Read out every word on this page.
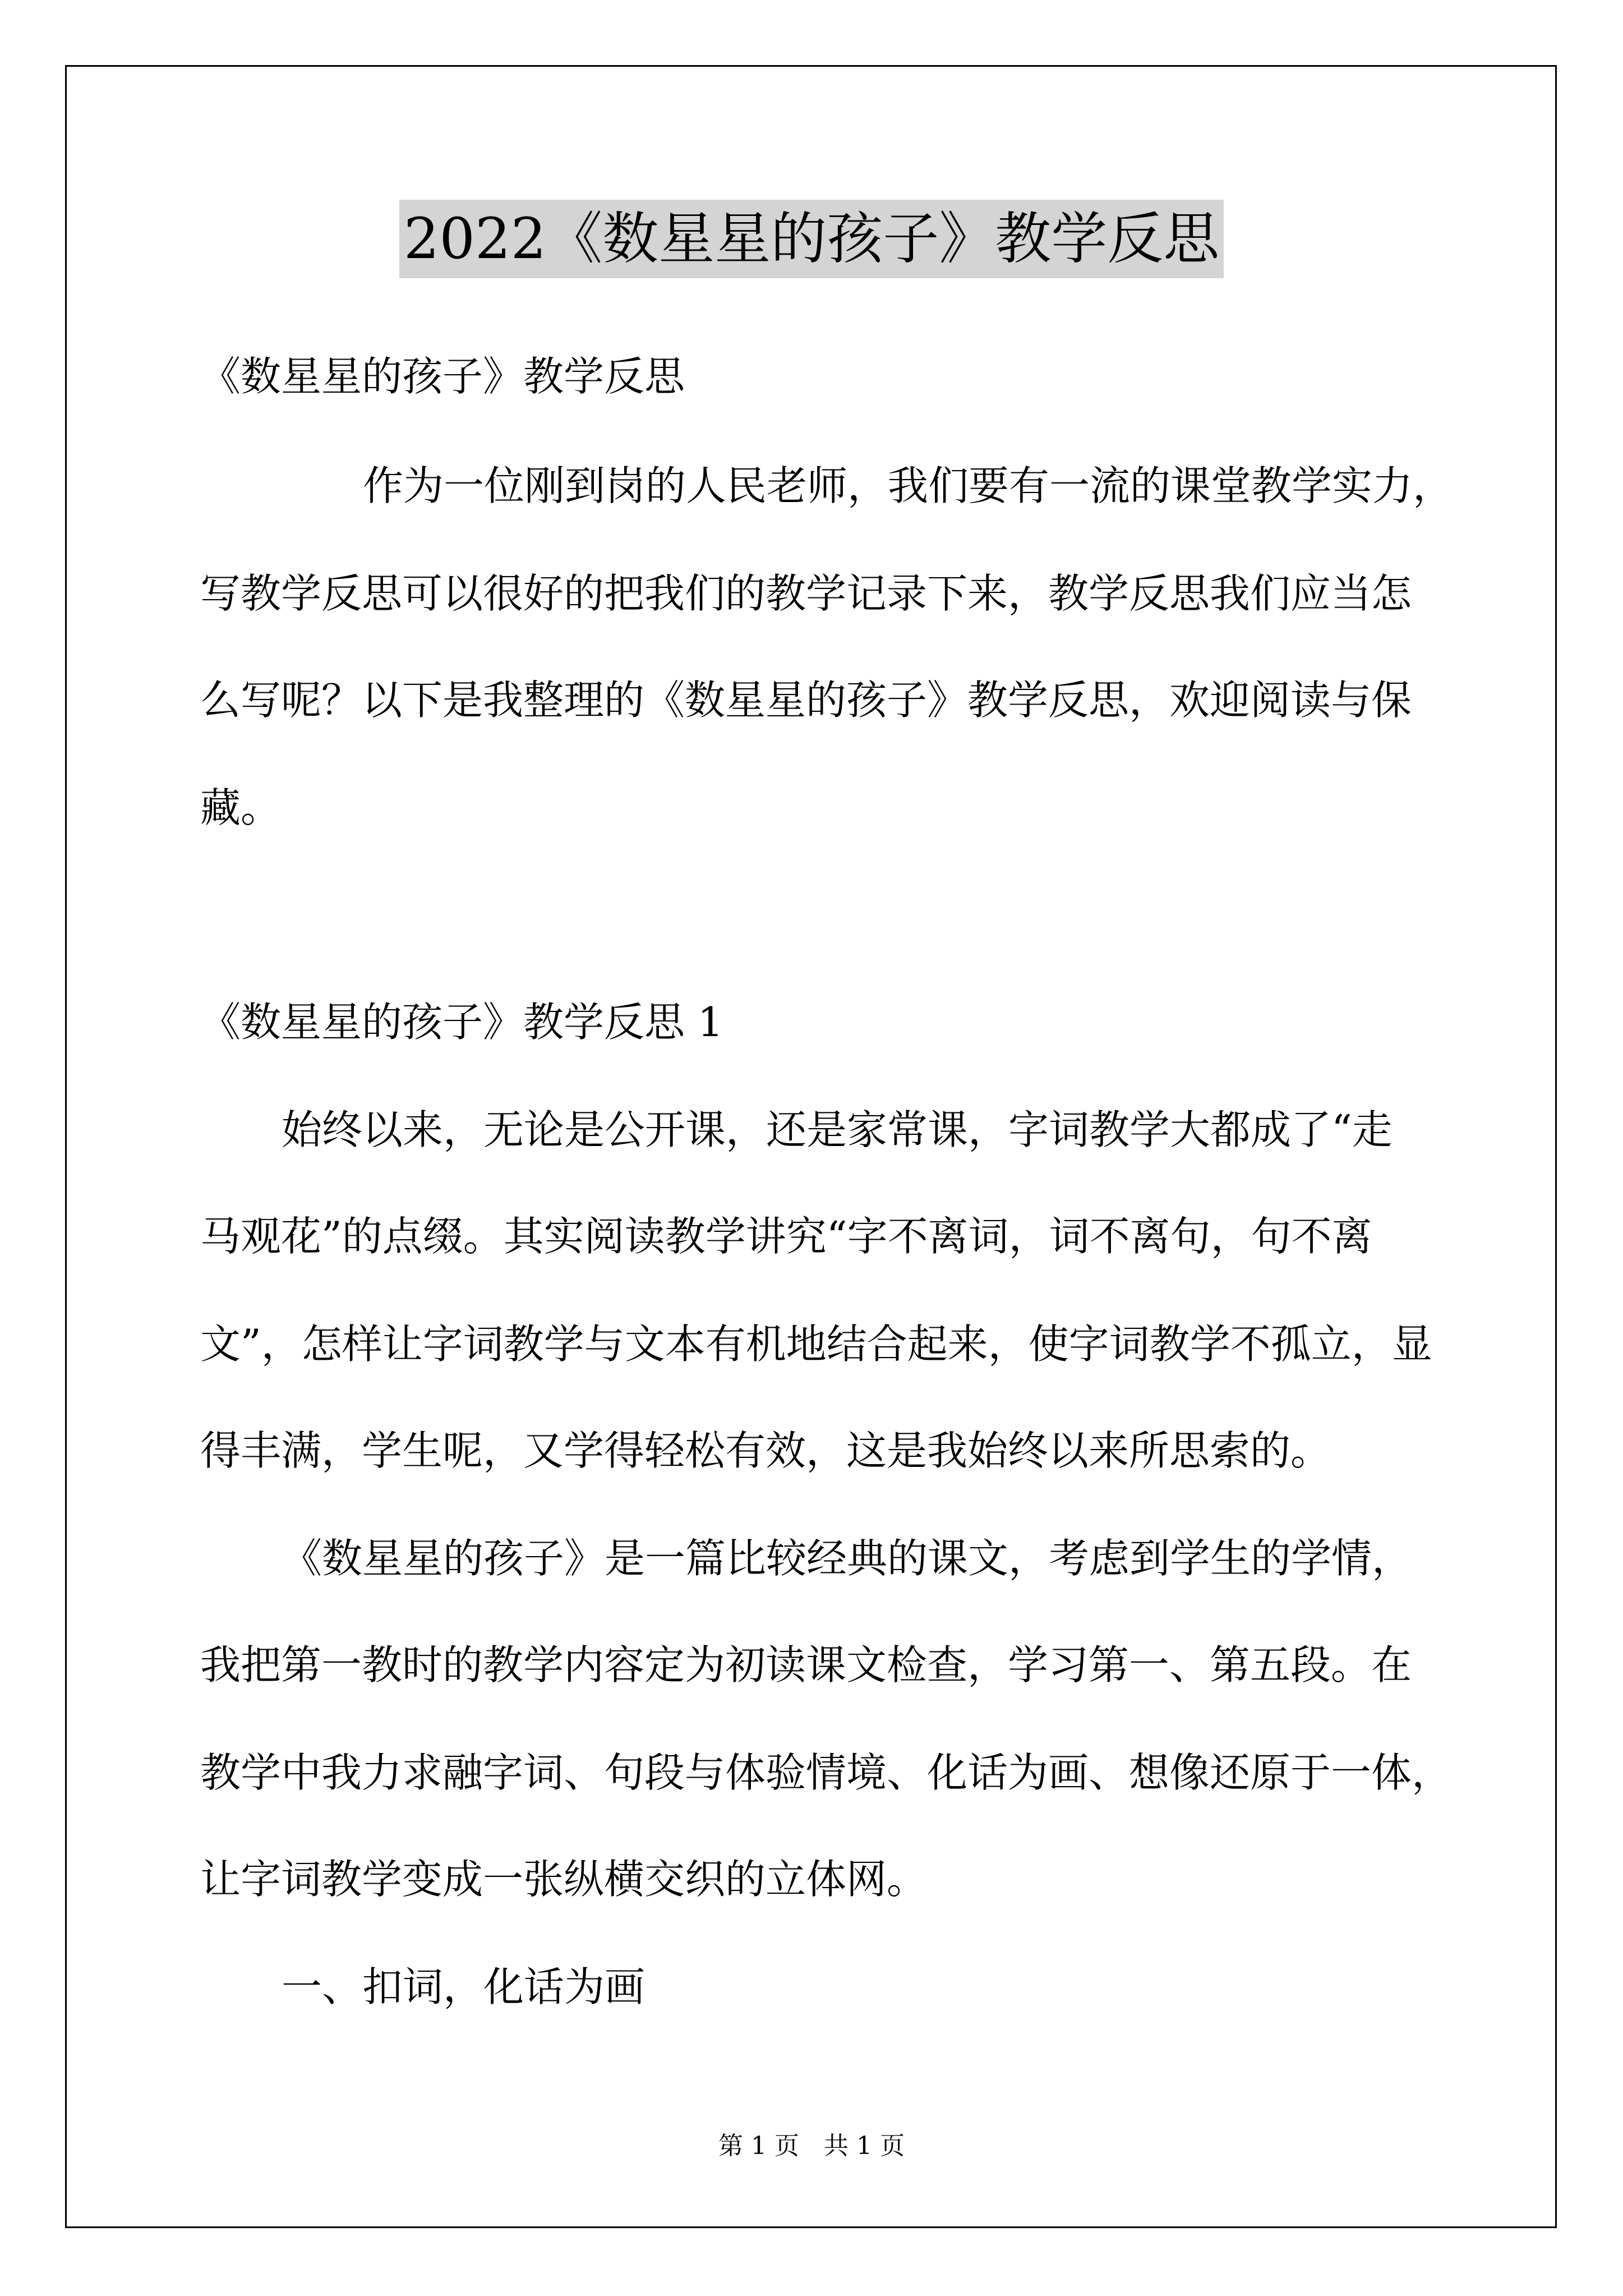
2022《数星星的孩子》教学反思
《数星星的孩子》教学反思
作为一位刚到岗的人民老师，我们要有一流的课堂教学实力，
写教学反思可以很好的把我们的教学记录下来，教学反思我们应当怎
么写呢？以下是我整理的《数星星的孩子》教学反思，欢迎阅读与保
藏。
《数星星的孩子》教学反思 1
始终以来，无论是公开课，还是家常课，字词教学大都成了“走
马观花”的点缀。其实阅读教学讲究“字不离词，词不离句，句不离
文”，怎样让字词教学与文本有机地结合起来，使字词教学不孤立，显
得丰满，学生呢，又学得轻松有效，这是我始终以来所思索的。
《数星星的孩子》是一篇比较经典的课文，考虑到学生的学情，
我把第一教时的教学内容定为初读课文检查，学习第一、第五段。在
教学中我力求融字词、句段与体验情境、化话为画、想像还原于一体，
让字词教学变成一张纵横交织的立体网。
一、扣词，化话为画
第 1 页　共 1 页
